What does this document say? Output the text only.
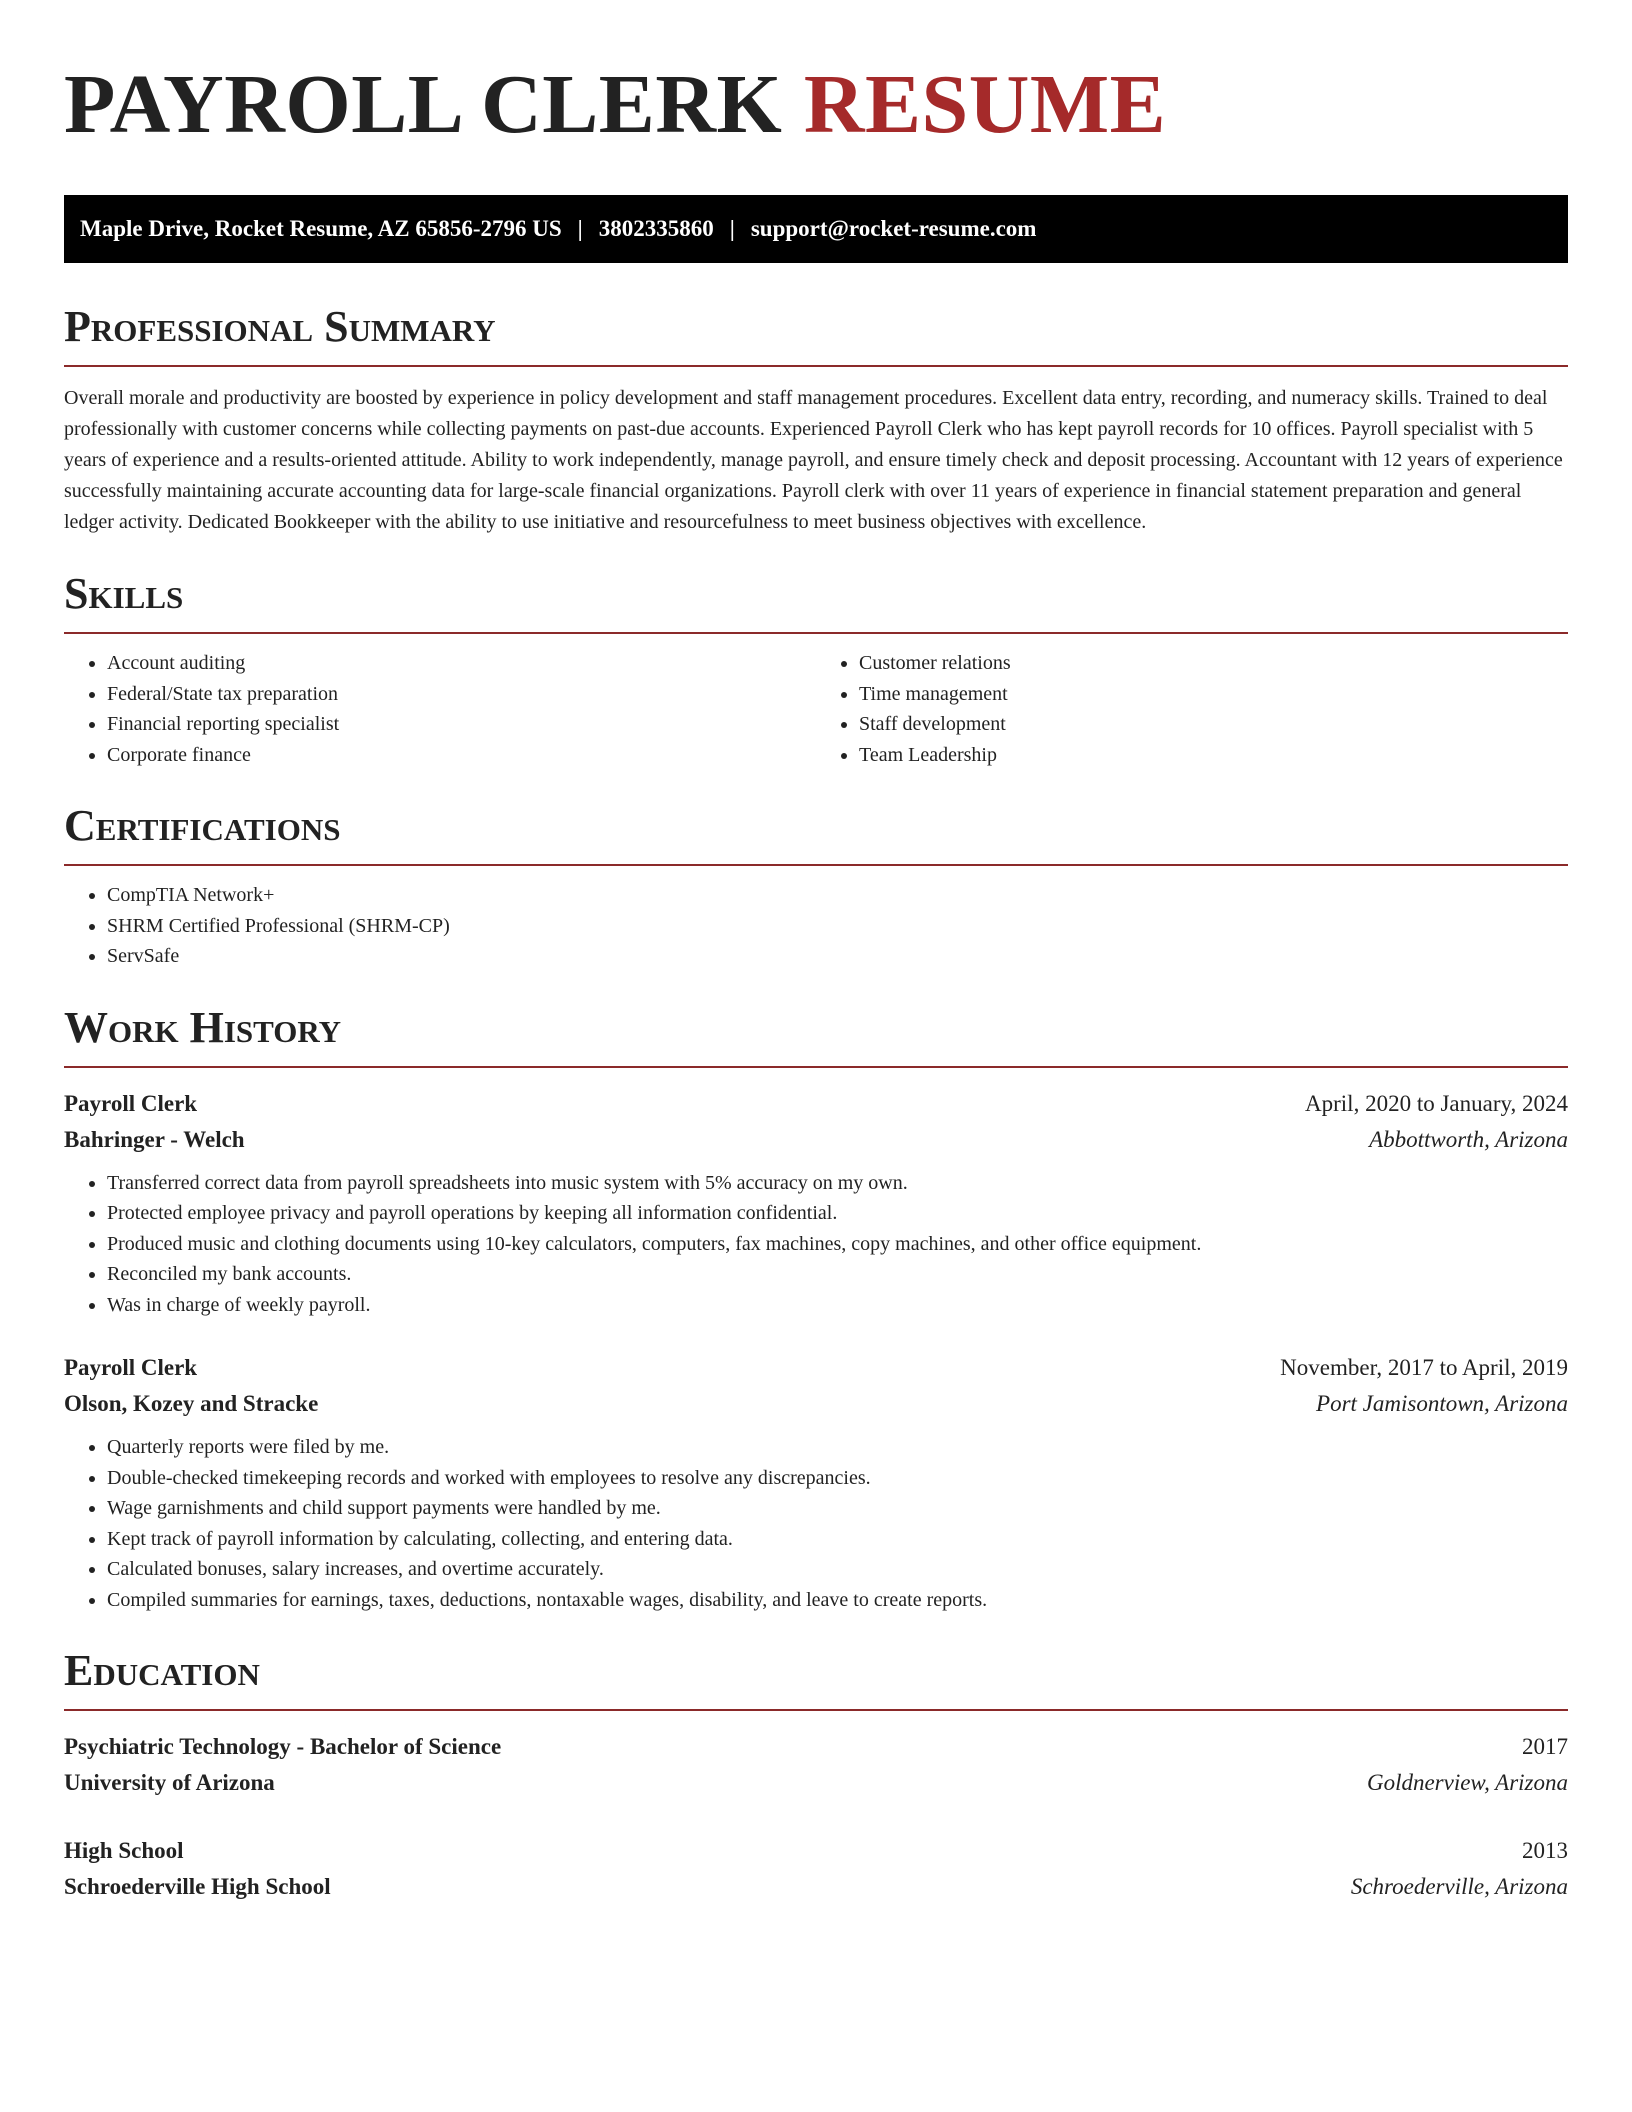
PAYROLL CLERK RESUME
Maple Drive, Rocket Resume, AZ 65856-2796 US | 3802335860 | support@rocket-resume.com
Professional Summary

Overall morale and productivity are boosted by experience in policy development and staff management procedures. Excellent data entry, recording, and numeracy skills. Trained to deal professionally with customer concerns while collecting payments on past-due accounts. Experienced Payroll Clerk who has kept payroll records for 10 offices. Payroll specialist with 5 years of experience and a results-oriented attitude. Ability to work independently, manage payroll, and ensure timely check and deposit processing. Accountant with 12 years of experience successfully maintaining accurate accounting data for large-scale financial organizations. Payroll clerk with over 11 years of experience in financial statement preparation and general ledger activity. Dedicated Bookkeeper with the ability to use initiative and resourcefulness to meet business objectives with excellence.

Skills
• Account auditing
• Federal/State tax preparation
• Financial reporting specialist
• Corporate finance
• Customer relations
• Time management
• Staff development
• Team Leadership
Certifications
• CompTIA Network+
• SHRM Certified Professional (SHRM-CP)
• ServSafe
Work History
Payroll Clerk	April, 2020 to January, 2024
Bahringer - Welch	Abbottworth, Arizona
• Transferred correct data from payroll spreadsheets into music system with 5% accuracy on my own.
• Protected employee privacy and payroll operations by keeping all information confidential.
• Produced music and clothing documents using 10-key calculators, computers, fax machines, copy machines, and other office equipment.
• Reconciled my bank accounts.
• Was in charge of weekly payroll.
Payroll Clerk	November, 2017 to April, 2019
Olson, Kozey and Stracke	Port Jamisontown, Arizona
• Quarterly reports were filed by me.
• Double-checked timekeeping records and worked with employees to resolve any discrepancies.
• Wage garnishments and child support payments were handled by me.
• Kept track of payroll information by calculating, collecting, and entering data.
• Calculated bonuses, salary increases, and overtime accurately.
• Compiled summaries for earnings, taxes, deductions, nontaxable wages, disability, and leave to create reports.
Education
Psychiatric Technology - Bachelor of Science	2017
University of Arizona	Goldnerview, Arizona
High School	2013
Schroederville High School	Schroederville, Arizona
